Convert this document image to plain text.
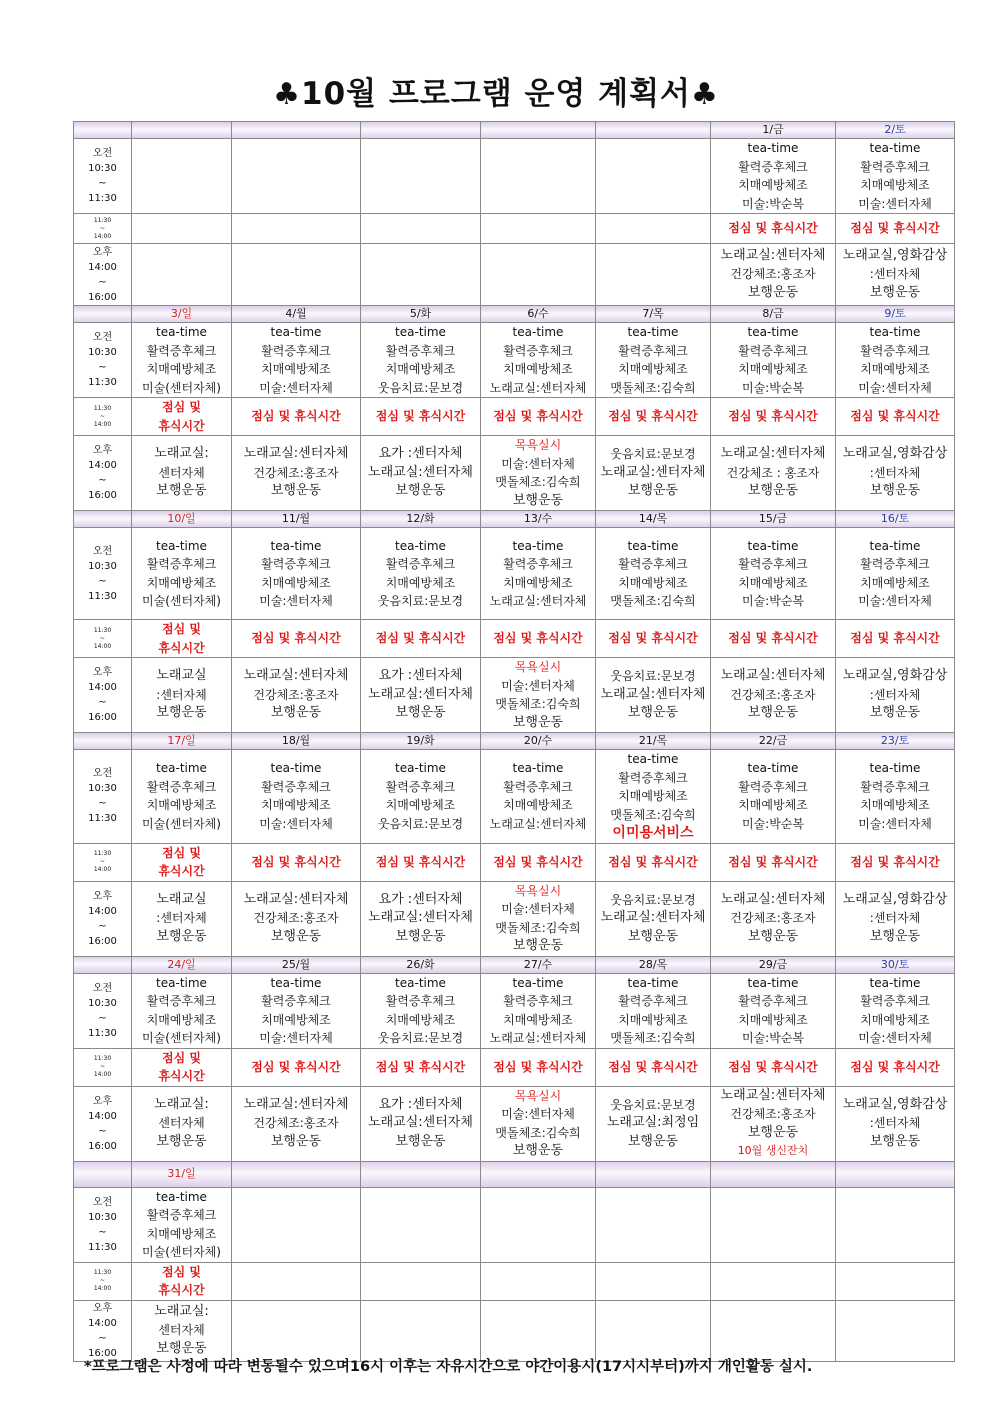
♣10월 프로그램 운영 계획서♣
						1/금	2/토

오전
10:30
~
11:30						tea-time
활력증후체크
치매예방체조
미술:박순복	tea-time
활력증후체크
치매예방체조
미술:센터자체

11:30
~
14:00						점심 및 휴식시간	점심 및 휴식시간

오후
14:00
~
16:00						노래교실:센터자체
건강체조:홍조자
보행운동	노래교실,영화감상
:센터자체
보행운동

	3/일	4/월	5/화	6/수	7/목	8/금	9/토

오전
10:30
~
11:30	tea-time
활력증후체크
치매예방체조
미술(센터자체)	tea-time
활력증후체크
치매예방체조
미술:센터자체	tea-time
활력증후체크
치매예방체조
웃음치료:문보경	tea-time
활력증후체크
치매예방체조
노래교실:센터자체	tea-time
활력증후체크
치매예방체조
맷돌체조:김숙희	tea-time
활력증후체크
치매예방체조
미술:박순복	tea-time
활력증후체크
치매예방체조
미술:센터자체

11:30
~
14:00	점심 및
휴식시간	점심 및 휴식시간	점심 및 휴식시간	점심 및 휴식시간	점심 및 휴식시간	점심 및 휴식시간	점심 및 휴식시간

오후
14:00
~
16:00	노래교실:
센터자체
보행운동	노래교실:센터자체
건강체조:홍조자
보행운동	요가 :센터자체
노래교실:센터자체
보행운동	목욕실시
미술:센터자체
맷돌체조:김숙희
보행운동	웃음치료:문보경
노래교실:센터자체
보행운동	노래교실:센터자체
건강체조 : 홍조자
보행운동	노래교실,영화감상
:센터자체
보행운동

	10/일	11/월	12/화	13/수	14/목	15/금	16/토

오전
10:30
~
11:30	tea-time
활력증후체크
치매예방체조
미술(센터자체)	tea-time
활력증후체크
치매예방체조
미술:센터자체	tea-time
활력증후체크
치매예방체조
웃음치료:문보경	tea-time
활력증후체크
치매예방체조
노래교실:센터자체	tea-time
활력증후체크
치매예방체조
맷돌체조:김숙희	tea-time
활력증후체크
치매예방체조
미술:박순복	tea-time
활력증후체크
치매예방체조
미술:센터자체

11:30
~
14:00	점심 및
휴식시간	점심 및 휴식시간	점심 및 휴식시간	점심 및 휴식시간	점심 및 휴식시간	점심 및 휴식시간	점심 및 휴식시간

오후
14:00
~
16:00	노래교실
:센터자체
보행운동	노래교실:센터자체
건강체조:홍조자
보행운동	요가 :센터자체
노래교실:센터자체
보행운동	목욕실시
미술:센터자체
맷돌체조:김숙희
보행운동	웃음치료:문보경
노래교실:센터자체
보행운동	노래교실:센터자체
건강체조:홍조자
보행운동	노래교실,영화감상
:센터자체
보행운동

	17/일	18/월	19/화	20/수	21/목	22/금	23/토

오전
10:30
~
11:30	tea-time
활력증후체크
치매예방체조
미술(센터자체)	tea-time
활력증후체크
치매예방체조
미술:센터자체	tea-time
활력증후체크
치매예방체조
웃음치료:문보경	tea-time
활력증후체크
치매예방체조
노래교실:센터자체	tea-time
활력증후체크
치매예방체조
맷돌체조:김숙희
이미용서비스	tea-time
활력증후체크
치매예방체조
미술:박순복	tea-time
활력증후체크
치매예방체조
미술:센터자체

11:30
~
14:00	점심 및
휴식시간	점심 및 휴식시간	점심 및 휴식시간	점심 및 휴식시간	점심 및 휴식시간	점심 및 휴식시간	점심 및 휴식시간

오후
14:00
~
16:00	노래교실
:센터자체
보행운동	노래교실:센터자체
건강체조:홍조자
보행운동	요가 :센터자체
노래교실:센터자체
보행운동	목욕실시
미술:센터자체
맷돌체조:김숙희
보행운동	웃음치료:문보경
노래교실:센터자체
보행운동	노래교실:센터자체
건강체조:홍조자
보행운동	노래교실,영화감상
:센터자체
보행운동

	24/일	25/월	26/화	27/수	28/목	29/금	30/토

오전
10:30
~
11:30	tea-time
활력증후체크
치매예방체조
미술(센터자체)	tea-time
활력증후체크
치매예방체조
미술:센터자체	tea-time
활력증후체크
치매예방체조
웃음치료:문보경	tea-time
활력증후체크
치매예방체조
노래교실:센터자체	tea-time
활력증후체크
치매예방체조
맷돌체조:김숙희	tea-time
활력증후체크
치매예방체조
미술:박순복	tea-time
활력증후체크
치매예방체조
미술:센터자체

11:30
~
14:00	점심 및
휴식시간	점심 및 휴식시간	점심 및 휴식시간	점심 및 휴식시간	점심 및 휴식시간	점심 및 휴식시간	점심 및 휴식시간

오후
14:00
~
16:00	노래교실:
센터자체
보행운동	노래교실:센터자체
건강체조:홍조자
보행운동	요가 :센터자체
노래교실:센터자체
보행운동	목욕실시
미술:센터자체
맷돌체조:김숙희
보행운동	웃음치료:문보경
노래교실:최정임
보행운동	노래교실:센터자체
건강체조:홍조자
보행운동
10월 생신잔치	노래교실,영화감상
:센터자체
보행운동

	31/일						

오전
10:30
~
11:30	tea-time
활력증후체크
치매예방체조
미술(센터자체)						

11:30
~
14:00	점심 및
휴식시간						

오후
14:00
~
16:00	노래교실:
센터자체
보행운동						

*프로그램은 사정에 따라 변동될수 있으며16시 이후는 자유시간으로 야간이용시(17시시부터)까지 개인활동 실시.
